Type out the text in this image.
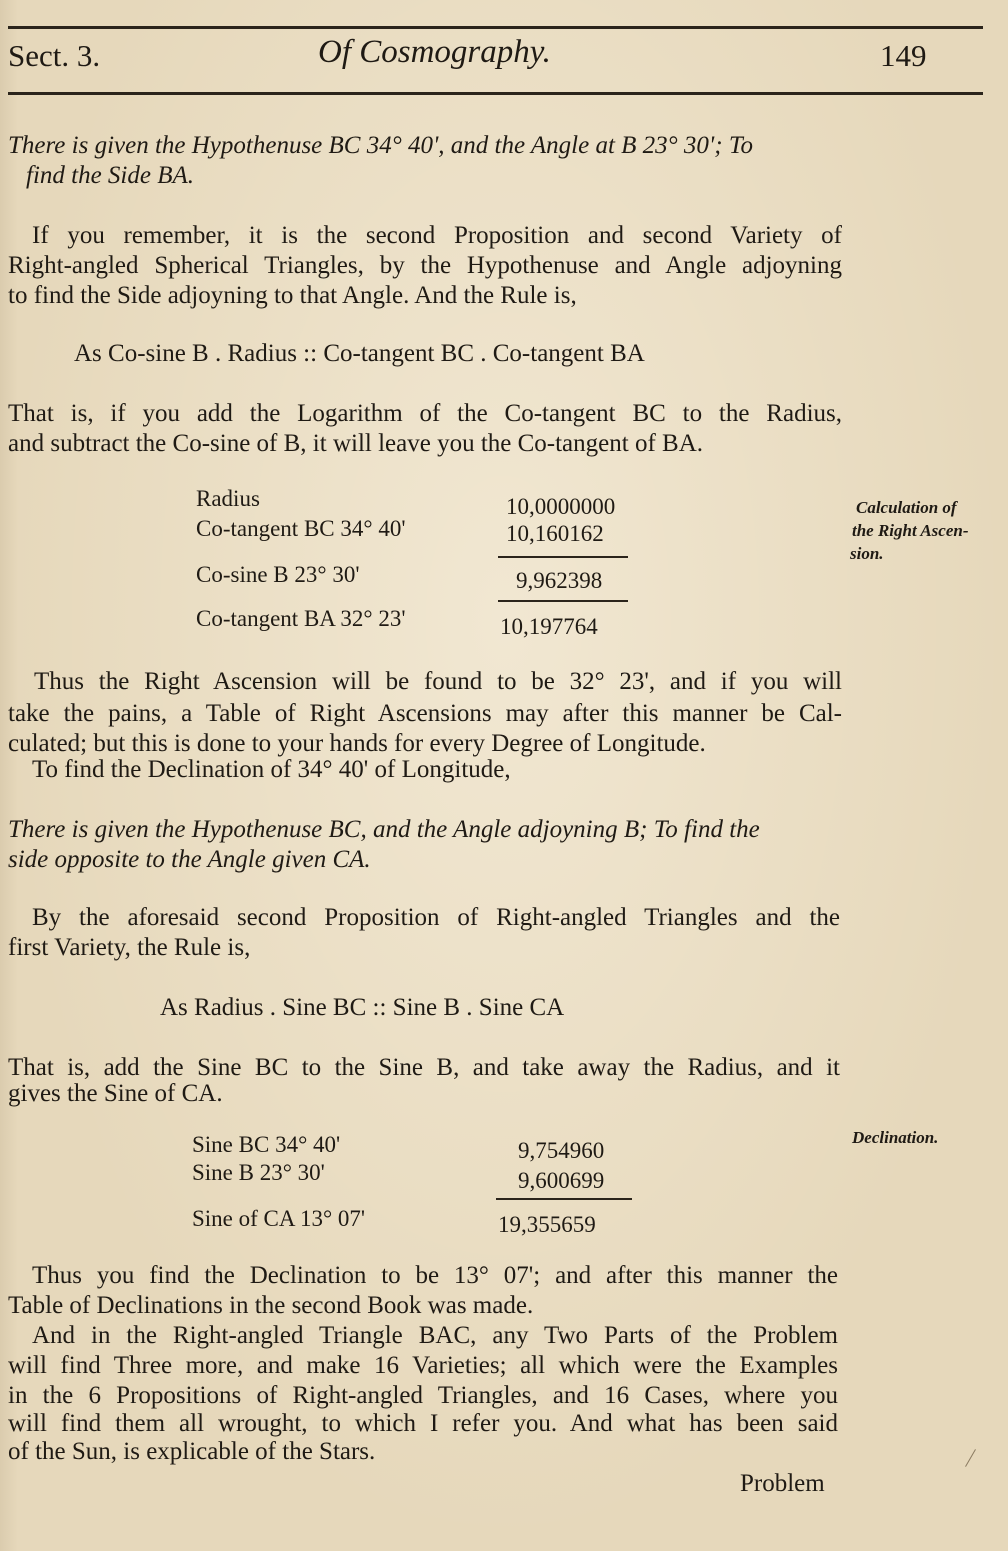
Sect. 3.	Of Cosmography.	149
There is given the Hypothenuse BC 34° 40', and the Angle at B 23° 30'; To
find the Side BA.
If you remember, it is the second Proposition and second Variety of
Right-angled Spherical Triangles, by the Hypothenuse and Angle adjoyning
to find the Side adjoyning to that Angle. And the Rule is,
As Co-sine B . Radius :: Co-tangent BC . Co-tangent BA
That is, if you add the Logarithm of the Co-tangent BC to the Radius,
and subtract the Co-sine of B, it will leave you the Co-tangent of BA.
Radius	10,0000000
Co-tangent BC 34° 40'	10,160162
Co-sine B 23° 30'	9,962398
Co-tangent BA 32° 23'	10,197764
Calculation of
the Right Ascen-
sion.
Thus the Right Ascension will be found to be 32° 23', and if you will
take the pains, a Table of Right Ascensions may after this manner be Cal-
culated; but this is done to your hands for every Degree of Longitude.
To find the Declination of 34° 40' of Longitude,
There is given the Hypothenuse BC, and the Angle adjoyning B; To find the
side opposite to the Angle given CA.
By the aforesaid second Proposition of Right-angled Triangles and the
first Variety, the Rule is,
As Radius . Sine BC :: Sine B . Sine CA
That is, add the Sine BC to the Sine B, and take away the Radius, and it
gives the Sine of CA.
Sine BC 34° 40'	9,754960
Sine B 23° 30'	9,600699
Sine of CA 13° 07'	19,355659
Declination.
Thus you find the Declination to be 13° 07'; and after this manner the
Table of Declinations in the second Book was made.
And in the Right-angled Triangle BAC, any Two Parts of the Problem
will find Three more, and make 16 Varieties; all which were the Examples
in the 6 Propositions of Right-angled Triangles, and 16 Cases, where you
will find them all wrought, to which I refer you. And what has been said
of the Sun, is explicable of the Stars.
Problem
